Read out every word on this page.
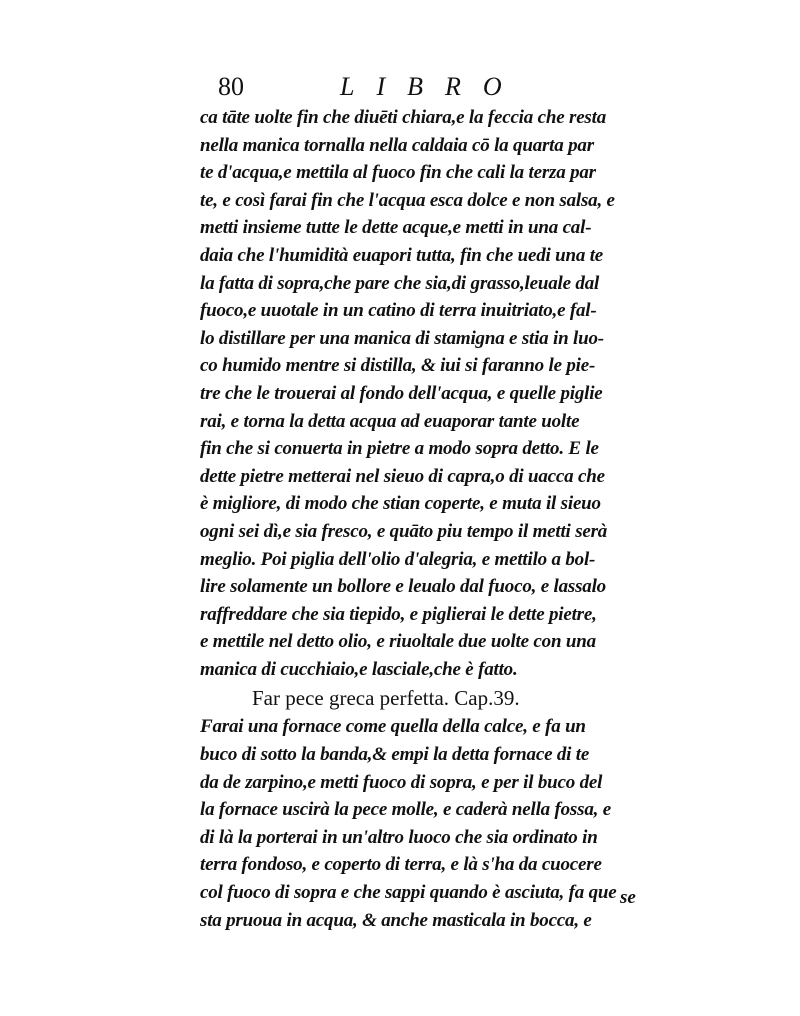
80	LIBRO
ca tāte uolte fin che diuēti chiara,e la feccia che resta
nella manica tornalla nella caldaia cō la quarta par
te d'acqua,e mettila al fuoco fin che cali la terza par
te, e così farai fin che l'acqua esca dolce e non salsa, e
metti insieme tutte le dette acque,e metti in una cal-
daia che l'humidità euapori tutta, fin che uedi una te
la fatta di sopra,che pare che sia,di grasso,leuale dal
fuoco,e uuotale in un catino di terra inuitriato,e fal-
lo distillare per una manica di stamigna e stia in luo-
co humido mentre si distilla, & iui si faranno le pie-
tre che le trouerai al fondo dell'acqua, e quelle piglie
rai, e torna la detta acqua ad euaporar tante uolte
fin che si conuerta in pietre a modo sopra detto. E le
dette pietre metterai nel sieuo di capra,o di uacca che
è migliore, di modo che stian coperte, e muta il sieuo
ogni sei dì,e sia fresco, e quāto piu tempo il metti serà
meglio. Poi piglia dell'olio d'alegria, e mettilo a bol-
lire solamente un bollore e leualo dal fuoco, e lassalo
raffreddare che sia tiepido, e piglierai le dette pietre,
e mettile nel detto olio, e riuoltale due uolte con una
manica di cucchiaio,e lasciale,che è fatto.
Far pece greca perfetta. Cap.39.
Farai una fornace come quella della calce, e fa un
buco di sotto la banda,& empi la detta fornace di te
da de zarpino,e metti fuoco di sopra, e per il buco del
la fornace uscirà la pece molle, e caderà nella fossa, e
di là la porterai in un'altro luoco che sia ordinato in
terra fondoso, e coperto di terra, e là s'ha da cuocere
col fuoco di sopra e che sappi quando è asciuta, fa que
sta pruoua in acqua, & anche masticala in bocca, e
se
